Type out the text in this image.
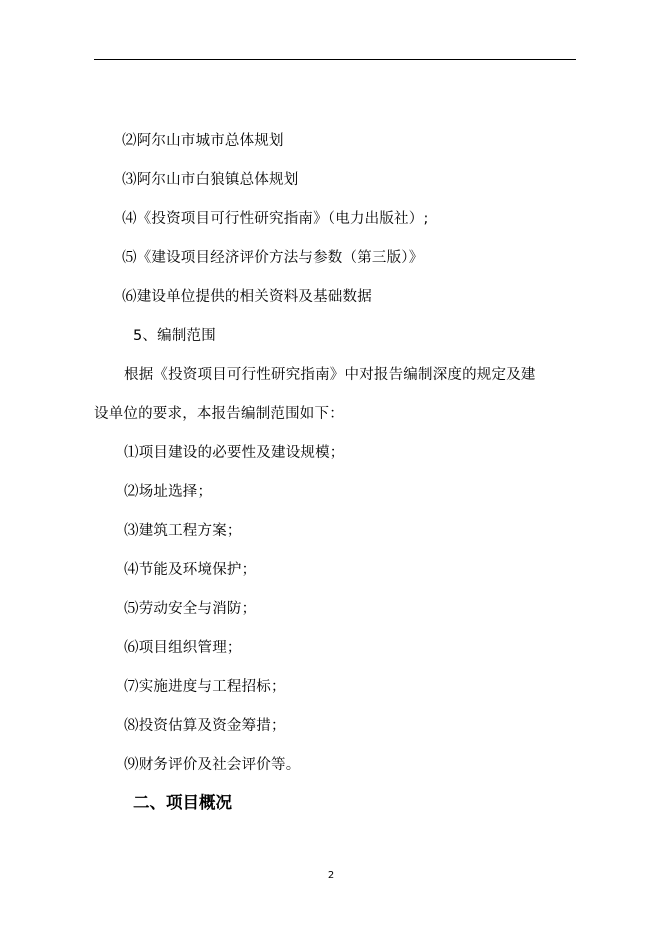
⑵阿尔山市城市总体规划
⑶阿尔山市白狼镇总体规划
⑷《投资项目可行性研究指南》（电力出版社）;
⑸《建设项目经济评价方法与参数（第三版）》
⑹建设单位提供的相关资料及基础数据
5、编制范围
根据《投资项目可行性研究指南》中对报告编制深度的规定及建
设单位的要求，本报告编制范围如下：
⑴项目建设的必要性及建设规模；
⑵场址选择；
⑶建筑工程方案；
⑷节能及环境保护；
⑸劳动安全与消防；
⑹项目组织管理；
⑺实施进度与工程招标；
⑻投资估算及资金筹措；
⑼财务评价及社会评价等。
二、项目概况
2
